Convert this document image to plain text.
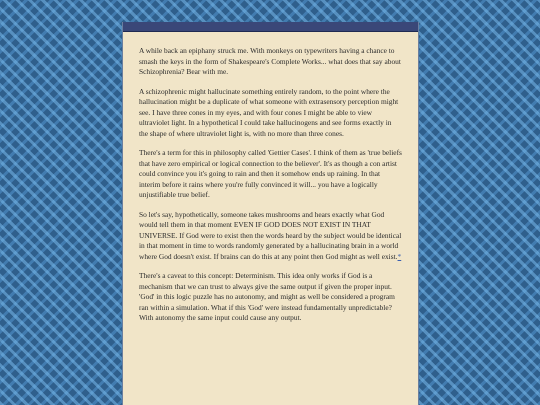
A while back an epiphany struck me. With monkeys on typewriters having a chance to smash the keys in the form of Shakespeare's Complete Works... what does that say about Schizophrenia? Bear with me.

A schizophrenic might hallucinate something entirely random, to the point where the hallucination might be a duplicate of what someone with extrasensory perception might see. I have three cones in my eyes, and with four cones I might be able to view ultraviolet light. In a hypothetical I could take hallucinogens and see forms exactly in the shape of where ultraviolet light is, with no more than three cones.

There's a term for this in philosophy called 'Gettier Cases'. I think of them as 'true beliefs that have zero empirical or logical connection to the believer'. It's as though a con artist could convince you it's going to rain and then it somehow ends up raining. In that interim before it rains where you're fully convinced it will... you have a logically unjustifiable true belief.

So let's say, hypothetically, someone takes mushrooms and hears exactly what God would tell them in that moment EVEN IF GOD DOES NOT EXIST IN THAT UNIVERSE. If God were to exist then the words heard by the subject would be identical in that moment in time to words randomly generated by a hallucinating brain in a world where God doesn't exist. If brains can do this at any point then God might as well exist.*

There's a caveat to this concept: Determinism. This idea only works if God is a mechanism that we can trust to always give the same output if given the proper input. 'God' in this logic puzzle has no autonomy, and might as well be considered a program ran within a simulation. What if this 'God' were instead fundamentally unpredictable? With autonomy the same input could cause any output.
